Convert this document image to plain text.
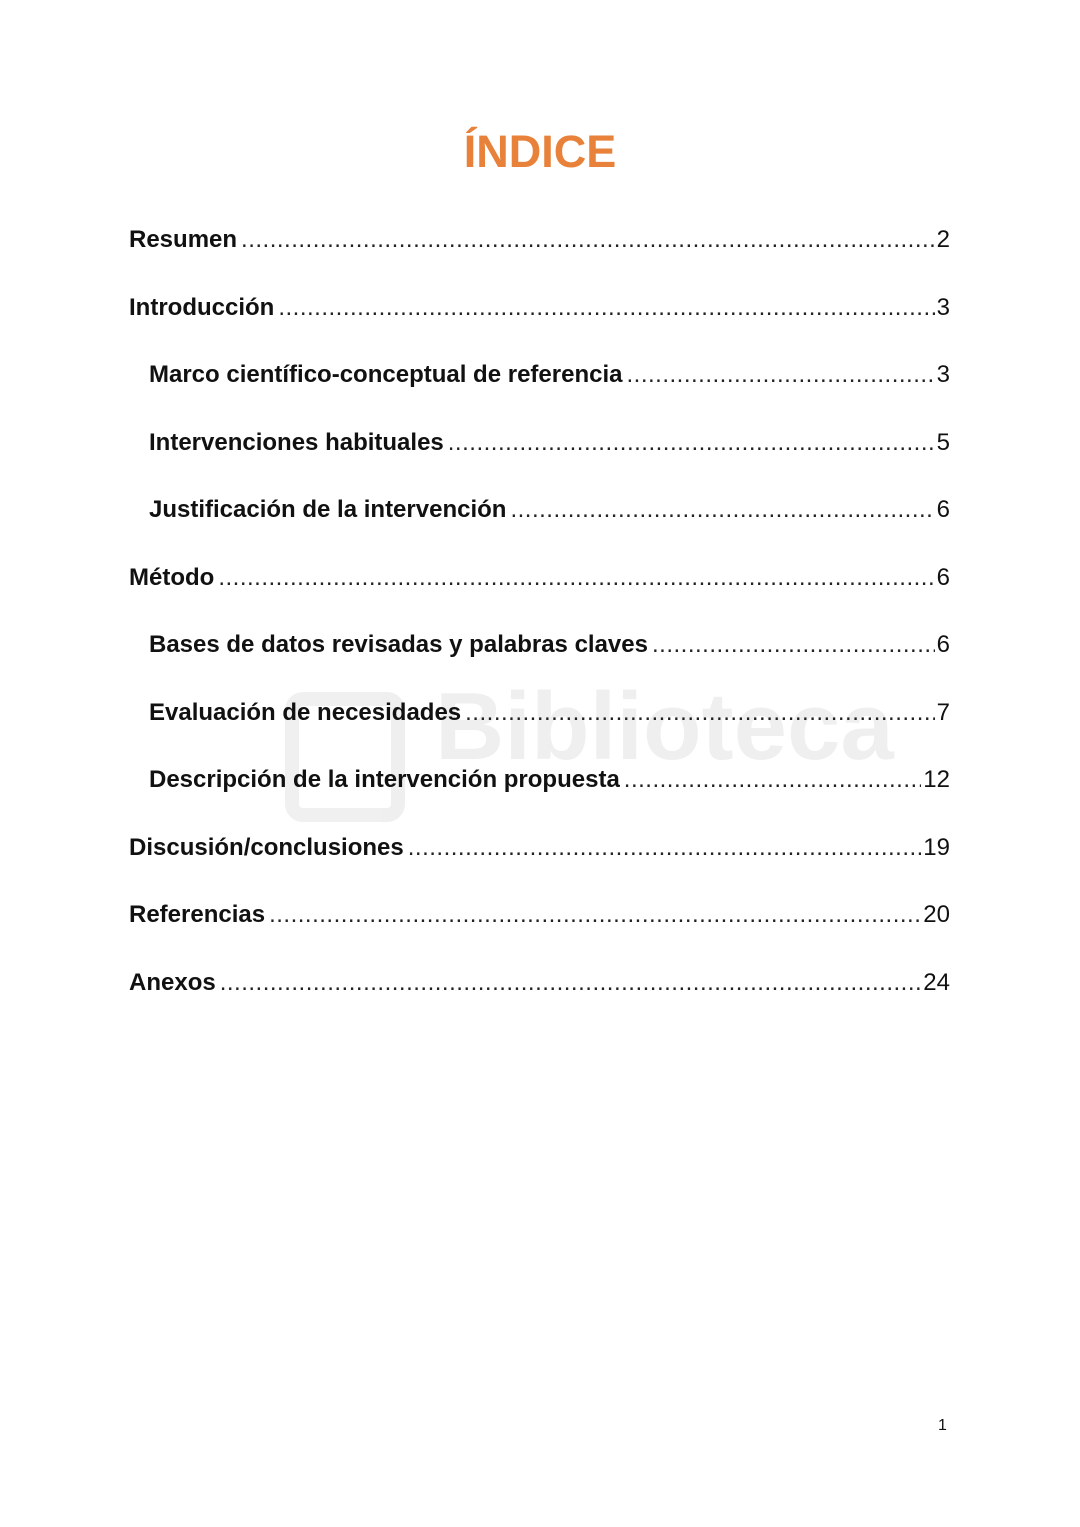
Biblioteca
ÍNDICE
Resumen .....	2
Introducción .....	3
Marco científico-conceptual de referencia .....	3
Intervenciones habituales .....	5
Justificación de la intervención .....	6
Método .....	6
Bases de datos revisadas y palabras claves .....	6
Evaluación de necesidades .....	7
Descripción de la intervención propuesta .....	12
Discusión/conclusiones .....	19
Referencias .....	20
Anexos .....	24
1
